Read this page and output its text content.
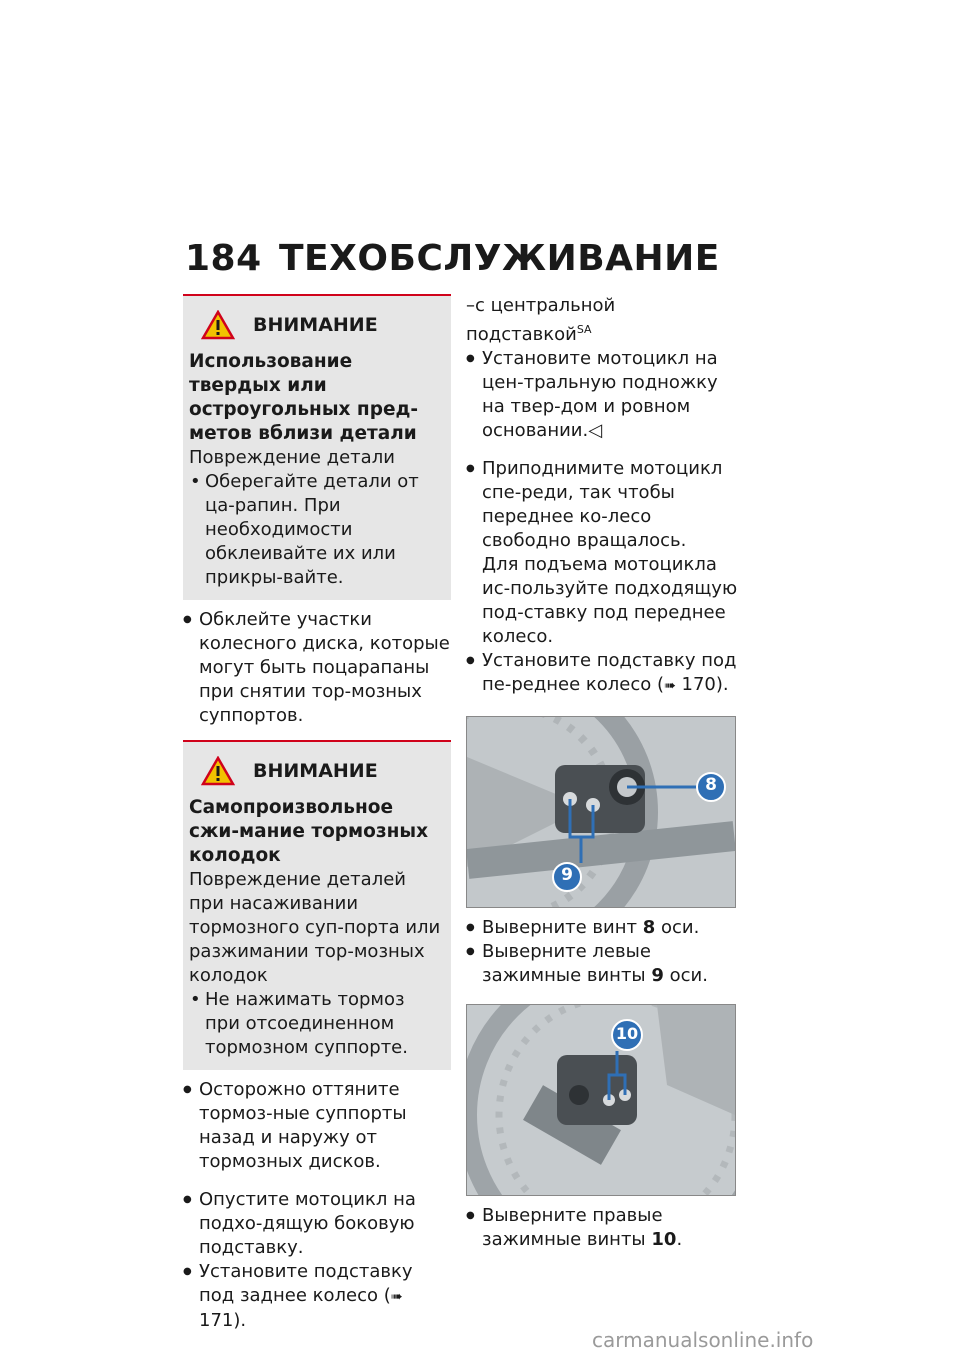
184 ТЕХОБСЛУЖИВАНИЕ
ВНИМАНИЕ
Использование твердых или остроугольных пред-метов вблизи детали
Повреждение детали
• Оберегайте детали от ца-рапин. При необходимости обклеивайте их или прикры-вайте.
● Обклейте участки колесного диска, которые могут быть поцарапаны при снятии тор-мозных суппортов.
ВНИМАНИЕ
Самопроизвольное сжи-мание тормозных колодок
Повреждение деталей при насаживании тормозного суп-порта или разжимании тор-мозных колодок
• Не нажимать тормоз при отсоединенном тормозном суппорте.
● Осторожно оттяните тормоз-ные суппорты назад и наружу от тормозных дисков.
● Опустите мотоцикл на подхо-дящую боковую подставку.
● Установите подставку под заднее колесо (➠ 171).
–с центральной подставкой$^{SA}$
● Установите мотоцикл на цен-тральную подножку на твер-дом и ровном основании.◁
● Приподнимите мотоцикл спе-реди, так чтобы переднее ко-лесо свободно вращалось.
Для подъема мотоцикла ис-пользуйте подходящую под-ставку под переднее колесо.
● Установите подставку под пе-реднее колесо (➠ 170).
8
9
● Выверните винт 8 оси.
● Выверните левые зажимные винты 9 оси.
10
● Выверните правые зажимные винты 10.
carmanualsonline.info
